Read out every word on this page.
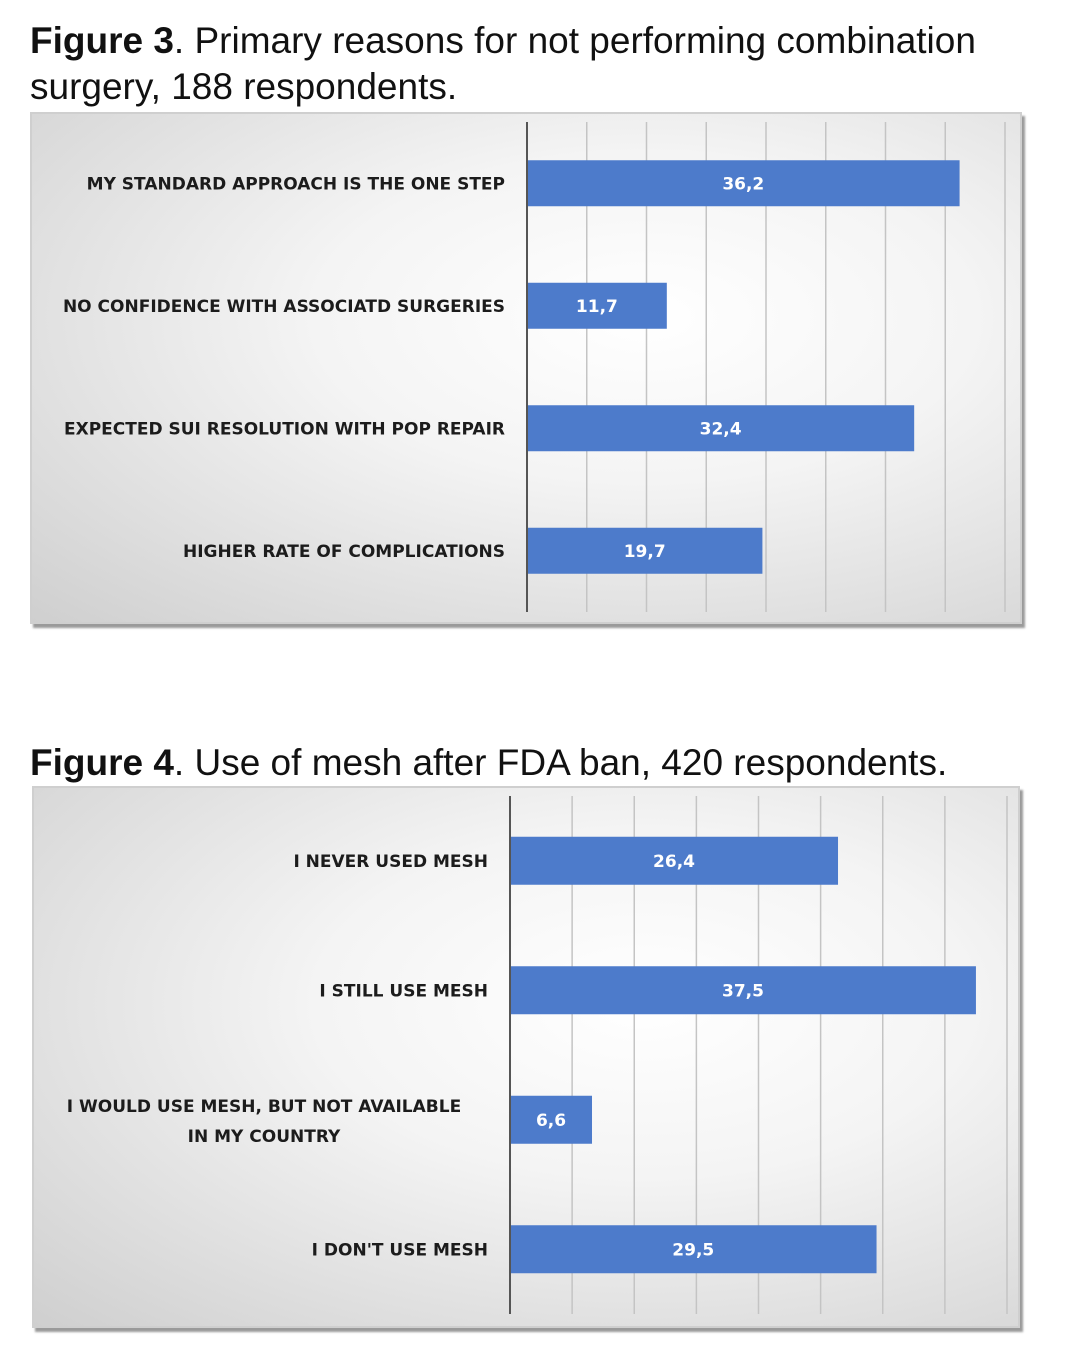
Figure 3. Primary reasons for not performing combination surgery, 188 respondents.

36,2
MY STANDARD APPROACH IS THE ONE STEP
11,7
NO CONFIDENCE WITH ASSOCIATD SURGERIES
32,4
EXPECTED SUI RESOLUTION WITH POP REPAIR
19,7
HIGHER RATE OF COMPLICATIONS

Figure 4. Use of mesh after FDA ban, 420 respondents.

26,4
I NEVER USED MESH
37,5
I STILL USE MESH
6,6
I WOULD USE MESH, BUT NOT AVAILABLE IN MY COUNTRY
29,5
I DON'T USE MESH
